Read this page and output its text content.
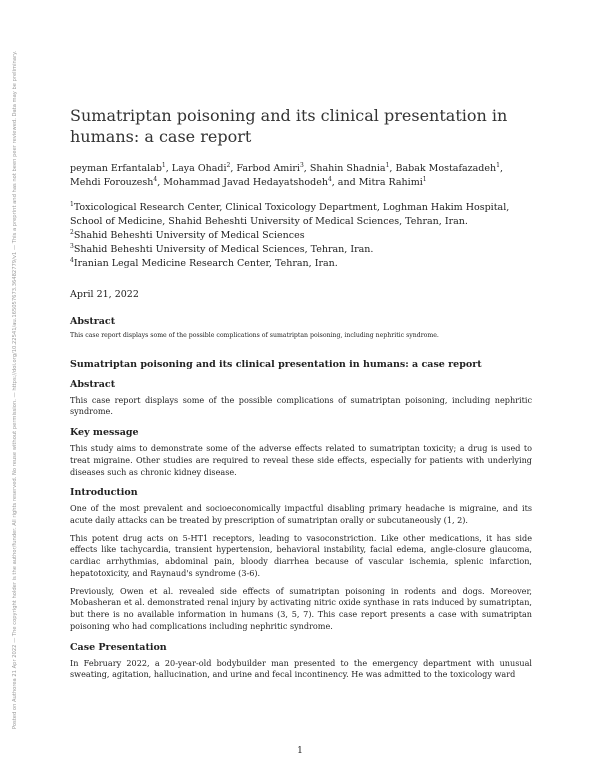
Posted on Authorea 21 Apr 2022 — The copyright holder is the author/funder. All rights reserved. No reuse without permission. — https://doi.org/10.22541/au.165057673.36482779/v1 — This a preprint and has not been peer reviewed. Data may be preliminary.	Sumatriptan poisoning and its clinical presentation in humans: a case report
peyman Erfantalab$^1$, Laya Ohadi$^2$, Farbod Amiri$^3$, Shahin Shadnia$^1$, Babak Mostafazadeh$^1$, Mehdi Forouzesh$^4$, Mohammad Javad Hedayatshodeh$^4$, and Mitra Rahimi$^1$

$^1$Toxicological Research Center, Clinical Toxicology Department, Loghman Hakim Hospital, School of Medicine, Shahid Beheshti University of Medical Sciences, Tehran, Iran.

$^2$Shahid Beheshti University of Medical Sciences

$^3$Shahid Beheshti University of Medical Sciences, Tehran, Iran.

$^4$Iranian Legal Medicine Research Center, Tehran, Iran.

April 21, 2022
Abstract

This case report displays some of the possible complications of sumatriptan poisoning, including nephritic syndrome.

Sumatriptan poisoning and its clinical presentation in humans: a case report
Abstract

This case report displays some of the possible complications of sumatriptan poisoning, including nephritic syndrome.

Key message

This study aims to demonstrate some of the adverse effects related to sumatriptan toxicity; a drug is used to treat migraine. Other studies are required to reveal these side effects, especially for patients with underlying diseases such as chronic kidney disease.

Introduction

One of the most prevalent and socioeconomically impactful disabling primary headache is migraine, and its acute daily attacks can be treated by prescription of sumatriptan orally or subcutaneously (1, 2).

This potent drug acts on 5-HT1 receptors, leading to vasoconstriction. Like other medications, it has side effects like tachycardia, transient hypertension, behavioral instability, facial edema, angle-closure glaucoma, cardiac arrhythmias, abdominal pain, bloody diarrhea because of vascular ischemia, splenic infarction, hepatotoxicity, and Raynaud's syndrome (3-6).

Previously, Owen et al. revealed side effects of sumatriptan poisoning in rodents and dogs. Moreover, Mobasheran et al. demonstrated renal injury by activating nitric oxide synthase in rats induced by sumatriptan, but there is no available information in humans (3, 5, 7). This case report presents a case with sumatriptan poisoning who had complications including nephritic syndrome.

Case Presentation

In February 2022, a 20-year-old bodybuilder man presented to the emergency department with unusual sweating, agitation, hallucination, and urine and fecal incontinency. He was admitted to the toxicology ward

1
